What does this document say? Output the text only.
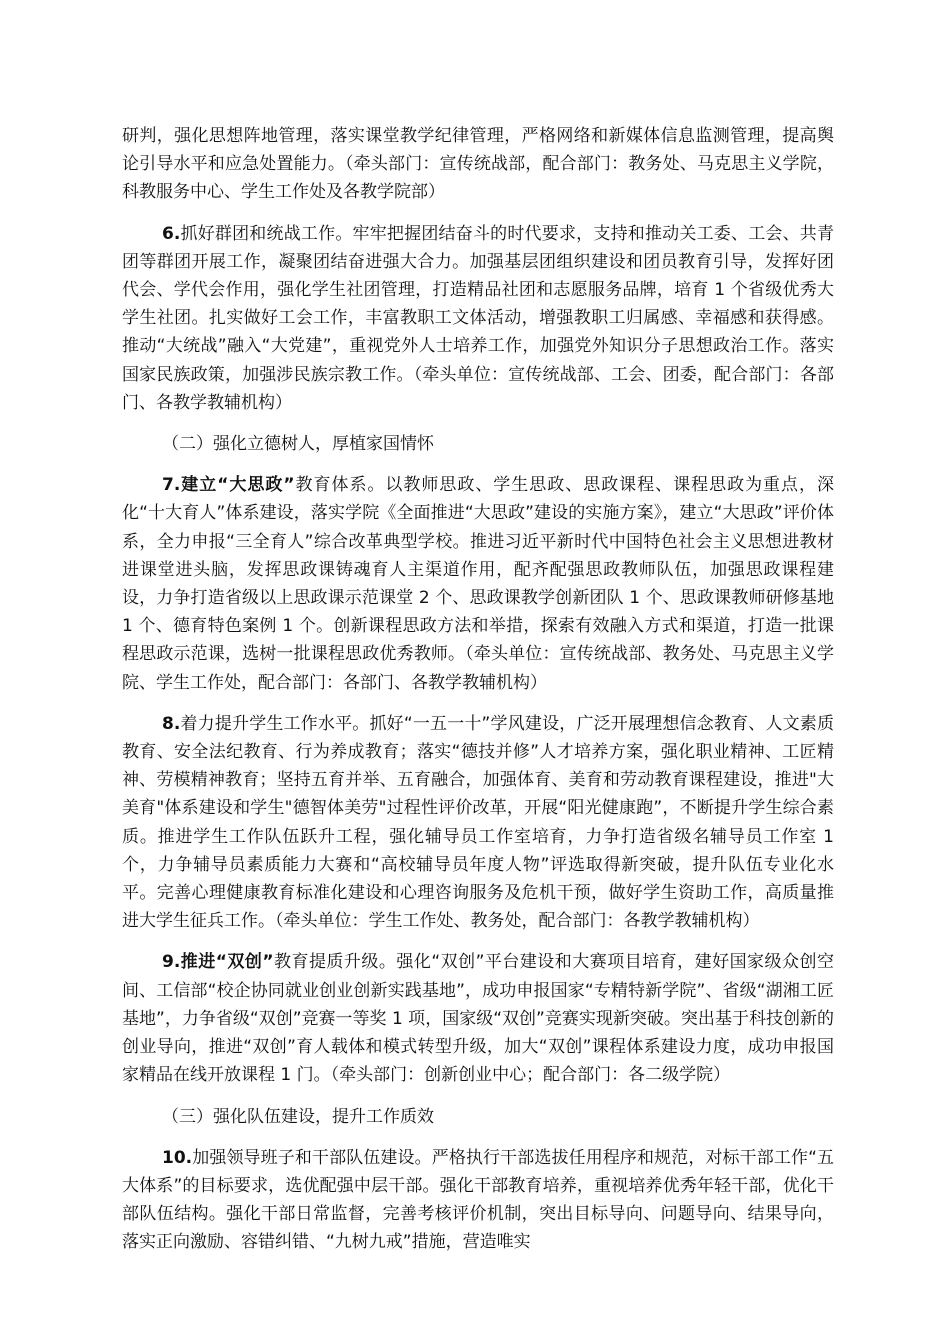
研判，强化思想阵地管理，落实课堂教学纪律管理，严格网络和新媒体信息监测管理，提高舆论引导水平和应急处置能力。（牵头部门：宣传统战部，配合部门：教务处、马克思主义学院，科教服务中心、学生工作处及各教学院部）

6.抓好群团和统战工作。牢牢把握团结奋斗的时代要求，支持和推动关工委、工会、共青团等群团开展工作，凝聚团结奋进强大合力。加强基层团组织建设和团员教育引导，发挥好团代会、学代会作用，强化学生社团管理，打造精品社团和志愿服务品牌，培育 1 个省级优秀大学生社团。扎实做好工会工作，丰富教职工文体活动，增强教职工归属感、幸福感和获得感。推动“大统战”融入“大党建”，重视党外人士培养工作，加强党外知识分子思想政治工作。落实国家民族政策，加强涉民族宗教工作。（牵头单位：宣传统战部、工会、团委，配合部门：各部门、各教学教辅机构）

（二）强化立德树人，厚植家国情怀

7.建立“大思政”教育体系。以教师思政、学生思政、思政课程、课程思政为重点，深化“十大育人”体系建设，落实学院《全面推进“大思政”建设的实施方案》，建立“大思政”评价体系，全力申报“三全育人”综合改革典型学校。推进习近平新时代中国特色社会主义思想进教材进课堂进头脑，发挥思政课铸魂育人主渠道作用，配齐配强思政教师队伍，加强思政课程建设，力争打造省级以上思政课示范课堂 2 个、思政课教学创新团队 1 个、思政课教师研修基地 1 个、德育特色案例 1 个。创新课程思政方法和举措，探索有效融入方式和渠道，打造一批课程思政示范课，选树一批课程思政优秀教师。（牵头单位：宣传统战部、教务处、马克思主义学院、学生工作处，配合部门：各部门、各教学教辅机构）

8.着力提升学生工作水平。抓好“一五一十”学风建设，广泛开展理想信念教育、人文素质教育、安全法纪教育、行为养成教育；落实“德技并修”人才培养方案，强化职业精神、工匠精神、劳模精神教育；坚持五育并举、五育融合，加强体育、美育和劳动教育课程建设，推进"大美育"体系建设和学生"德智体美劳"过程性评价改革，开展“阳光健康跑”，不断提升学生综合素质。推进学生工作队伍跃升工程，强化辅导员工作室培育，力争打造省级名辅导员工作室 1 个，力争辅导员素质能力大赛和“高校辅导员年度人物”评选取得新突破，提升队伍专业化水平。完善心理健康教育标准化建设和心理咨询服务及危机干预，做好学生资助工作，高质量推进大学生征兵工作。（牵头单位：学生工作处、教务处，配合部门：各教学教辅机构）

9.推进“双创”教育提质升级。强化“双创”平台建设和大赛项目培育，建好国家级众创空间、工信部“校企协同就业创业创新实践基地”，成功申报国家“专精特新学院”、省级“湖湘工匠基地”，力争省级“双创”竞赛一等奖 1 项，国家级“双创”竞赛实现新突破。突出基于科技创新的创业导向，推进“双创”育人载体和模式转型升级，加大“双创”课程体系建设力度，成功申报国家精品在线开放课程 1 门。（牵头部门：创新创业中心；配合部门：各二级学院）

（三）强化队伍建设，提升工作质效

10.加强领导班子和干部队伍建设。严格执行干部选拔任用程序和规范，对标干部工作“五大体系”的目标要求，选优配强中层干部。强化干部教育培养，重视培养优秀年轻干部，优化干部队伍结构。强化干部日常监督，完善考核评价机制，突出目标导向、问题导向、结果导向，落实正向激励、容错纠错、“九树九戒”措施，营造唯实
